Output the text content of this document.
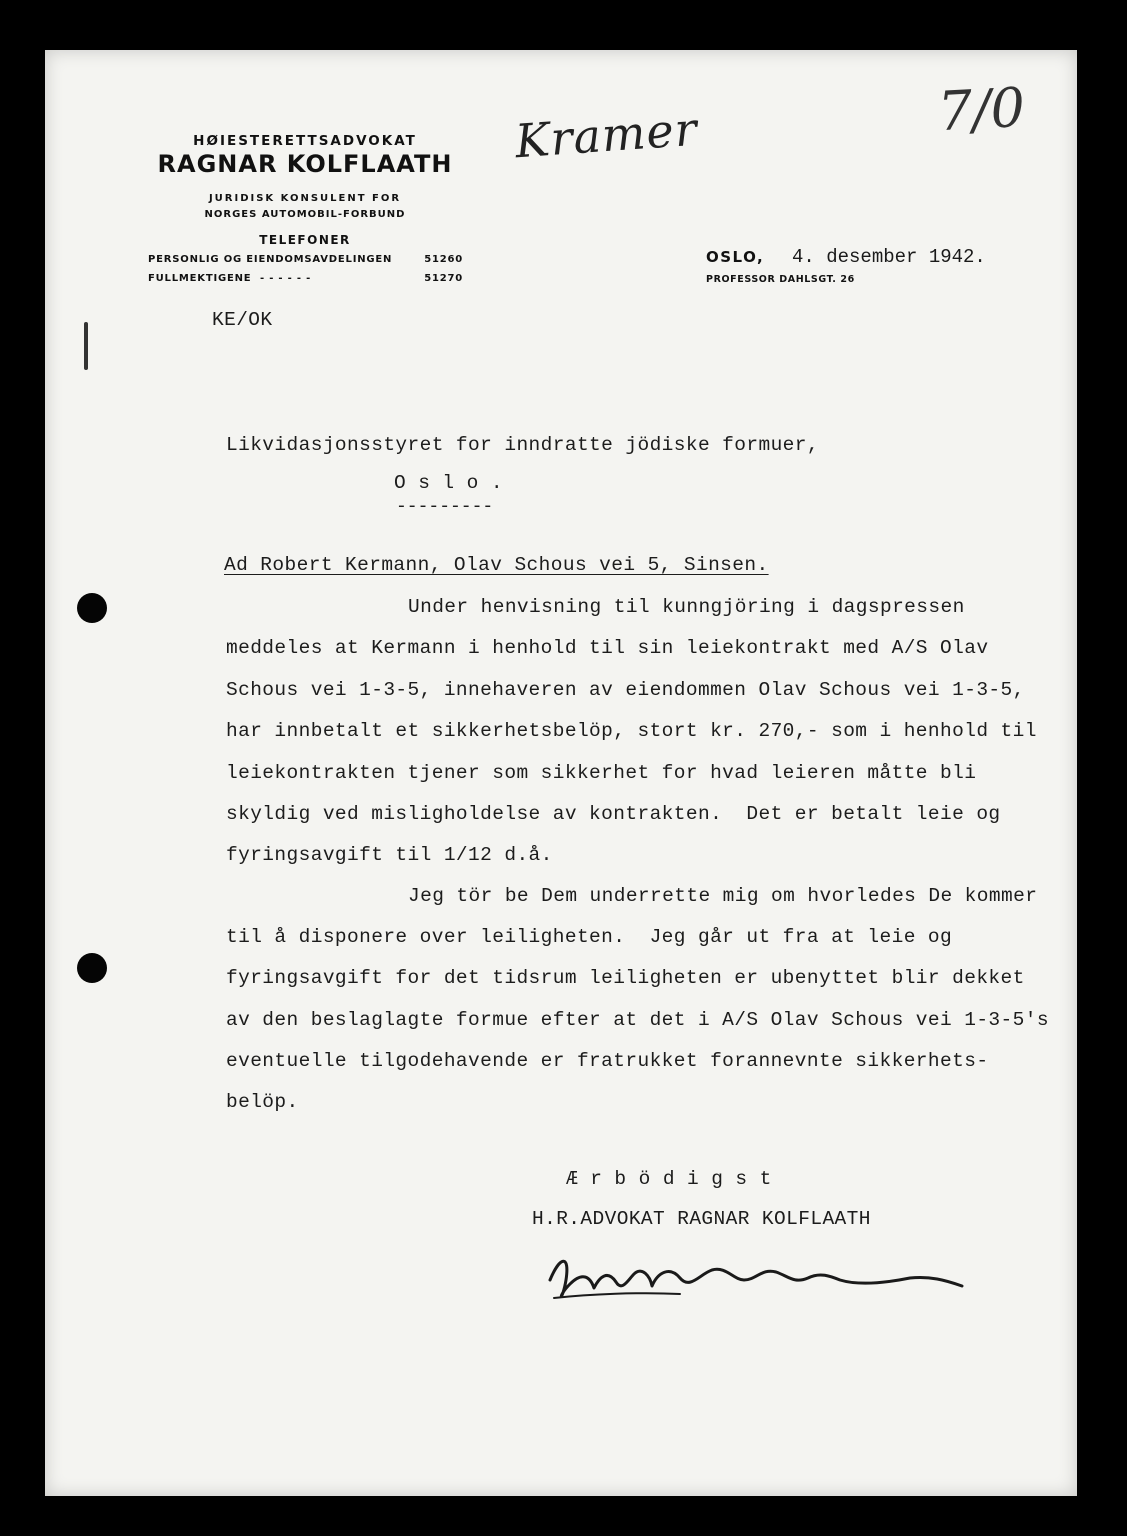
HØIESTERETTSADVOKAT
RAGNAR KOLFLAATH
JURIDISK KONSULENT FOR
NORGES AUTOMOBIL-FORBUND
TELEFONER
PERSONLIG OG EIENDOMSAVDELINGEN	51260
FULLMEKTIGENE  - - - - - -	51270
Kramer	7/0
OSLO, 4. desember 1942.
PROFESSOR DAHLSGT. 26
KE/OK
Likvidasjonsstyret for inndratte jödiske formuer,
O s l o .
---------
Ad Robert Kermann, Olav Schous vei 5, Sinsen.
Under henvisning til kunngjöring i dagspressen
meddeles at Kermann i henhold til sin leiekontrakt med A/S Olav
Schous vei 1-3-5, innehaveren av eiendommen Olav Schous vei 1-3-5,
har innbetalt et sikkerhetsbelöp, stort kr. 270,- som i henhold til
leiekontrakten tjener som sikkerhet for hvad leieren måtte bli
skyldig ved misligholdelse av kontrakten.  Det er betalt leie og
fyringsavgift til 1/12 d.å.
Jeg tör be Dem underrette mig om hvorledes De kommer
til å disponere over leiligheten.  Jeg går ut fra at leie og
fyringsavgift for det tidsrum leiligheten er ubenyttet blir dekket
av den beslaglagte formue efter at det i A/S Olav Schous vei 1-3-5's
eventuelle tilgodehavende er fratrukket forannevnte sikkerhets-
belöp.
Æ r b ö d i g s t
H.R.ADVOKAT RAGNAR KOLFLAATH
